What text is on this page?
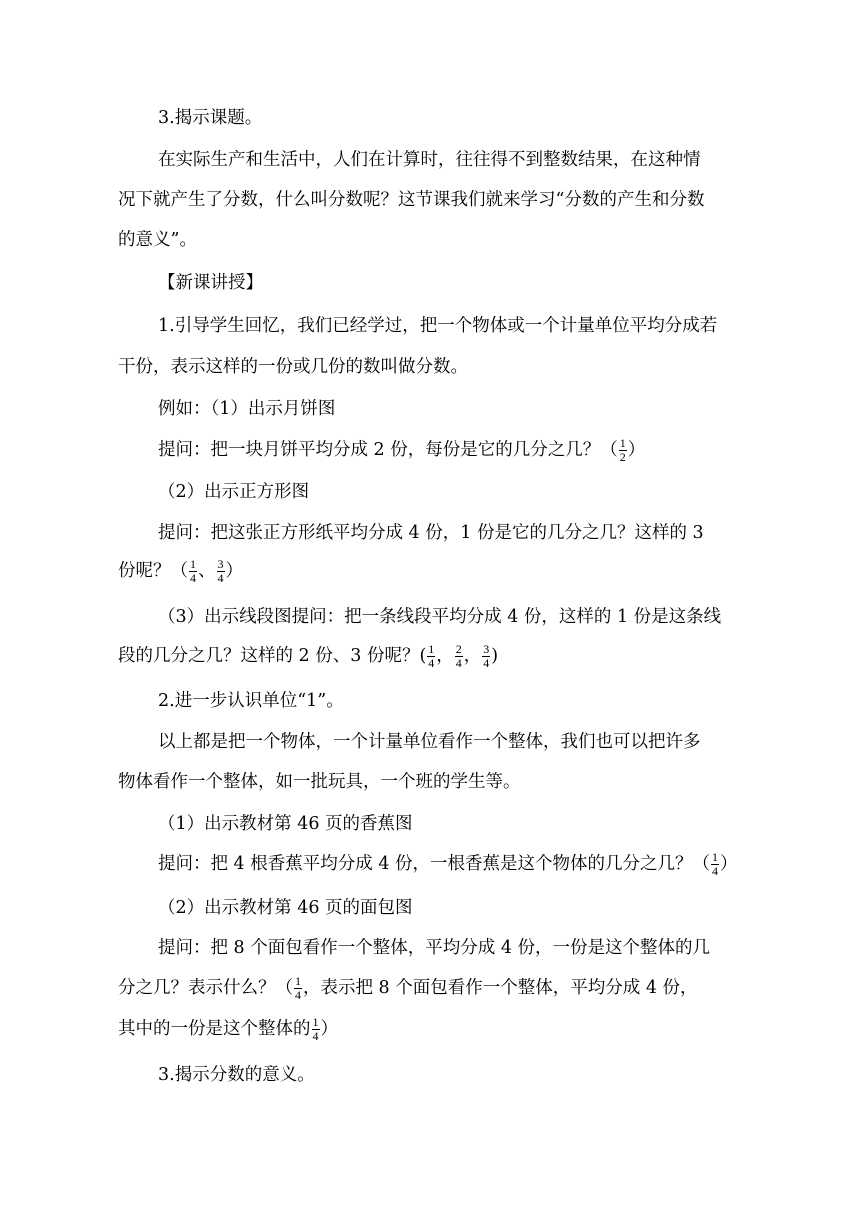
3.揭示课题。
在实际生产和生活中，人们在计算时，往往得不到整数结果，在这种情
况下就产生了分数，什么叫分数呢？这节课我们就来学习“分数的产生和分数
的意义”。
【新课讲授】
1.引导学生回忆，我们已经学过，把一个物体或一个计量单位平均分成若
干份，表示这样的一份或几份的数叫做分数。
例如：（1）出示月饼图
提问：把一块月饼平均分成 2 份，每份是它的几分之几？（ $\frac{1}{2}$ ）
（2）出示正方形图
提问：把这张正方形纸平均分成 4 份，1 份是它的几分之几？这样的 3
份呢？（ $\frac{1}{4}$ 、 $\frac{3}{4}$ ）
（3）出示线段图提问：把一条线段平均分成 4 份，这样的 1 份是这条线
段的几分之几？这样的 2 份、3 份呢？( $\frac{1}{4}$ ， $\frac{2}{4}$ ， $\frac{3}{4}$ )
2.进一步认识单位“1”。
以上都是把一个物体，一个计量单位看作一个整体，我们也可以把许多
物体看作一个整体，如一批玩具，一个班的学生等。
（1）出示教材第 46 页的香蕉图
提问：把 4 根香蕉平均分成 4 份，一根香蕉是这个物体的几分之几？（ $\frac{1}{4}$ ）
（2）出示教材第 46 页的面包图
提问：把 8 个面包看作一个整体，平均分成 4 份，一份是这个整体的几
分之几？表示什么？（ $\frac{1}{4}$ ，表示把 8 个面包看作一个整体，平均分成 4 份，
其中的一份是这个整体的 $\frac{1}{4}$ ）
3.揭示分数的意义。
